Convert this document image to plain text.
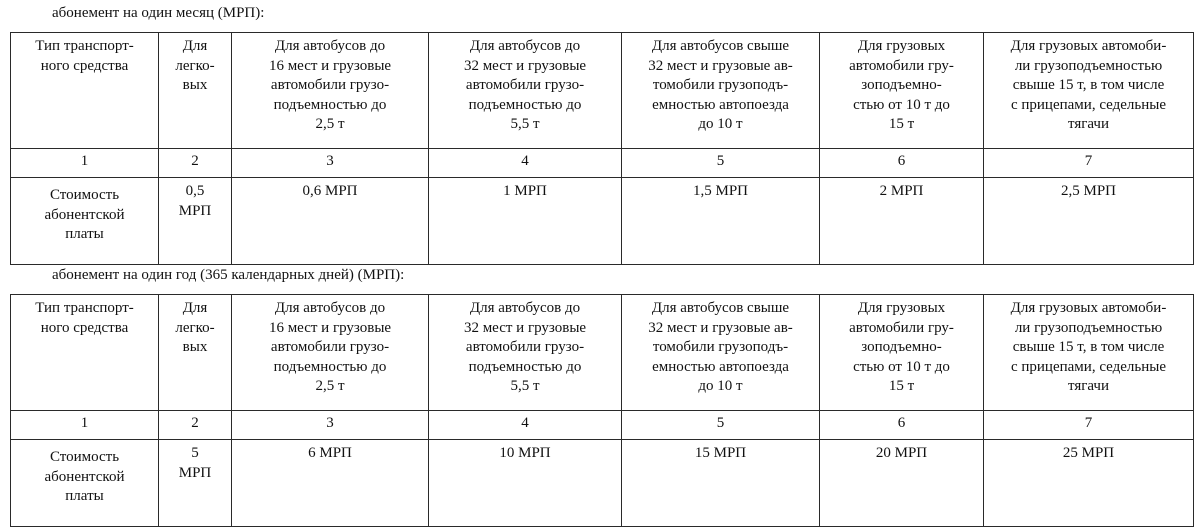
абонемент на один месяц (МРП):
Тип транспорт-
ного средства	Для
легко-
вых	Для автобусов до
16 мест и грузовые
автомобили грузо-
подъемностью до
2,5 т	Для автобусов до
32 мест и грузовые
автомобили грузо-
подъемностью до
5,5 т	Для автобусов свыше
32 мест и грузовые ав-
томобили грузоподъ-
емностью автопоезда
до 10 т	Для грузовых
автомобили гру-
зоподъемно-
стью от 10 т до
15 т	Для грузовых автомоби-
ли грузоподъемностью
свыше 15 т, в том числе
с прицепами, седельные
тягачи

1	2	3	4	5	6	7

Стоимость
абонентской
платы	0,5
МРП	0,6 МРП	1 МРП	1,5 МРП	2 МРП	2,5 МРП
абонемент на один год (365 календарных дней) (МРП):
Тип транспорт-
ного средства	Для
легко-
вых	Для автобусов до
16 мест и грузовые
автомобили грузо-
подъемностью до
2,5 т	Для автобусов до
32 мест и грузовые
автомобили грузо-
подъемностью до
5,5 т	Для автобусов свыше
32 мест и грузовые ав-
томобили грузоподъ-
емностью автопоезда
до 10 т	Для грузовых
автомобили гру-
зоподъемно-
стью от 10 т до
15 т	Для грузовых автомоби-
ли грузоподъемностью
свыше 15 т, в том числе
с прицепами, седельные
тягачи

1	2	3	4	5	6	7

Стоимость
абонентской
платы	5
МРП	6 МРП	10 МРП	15 МРП	20 МРП	25 МРП
